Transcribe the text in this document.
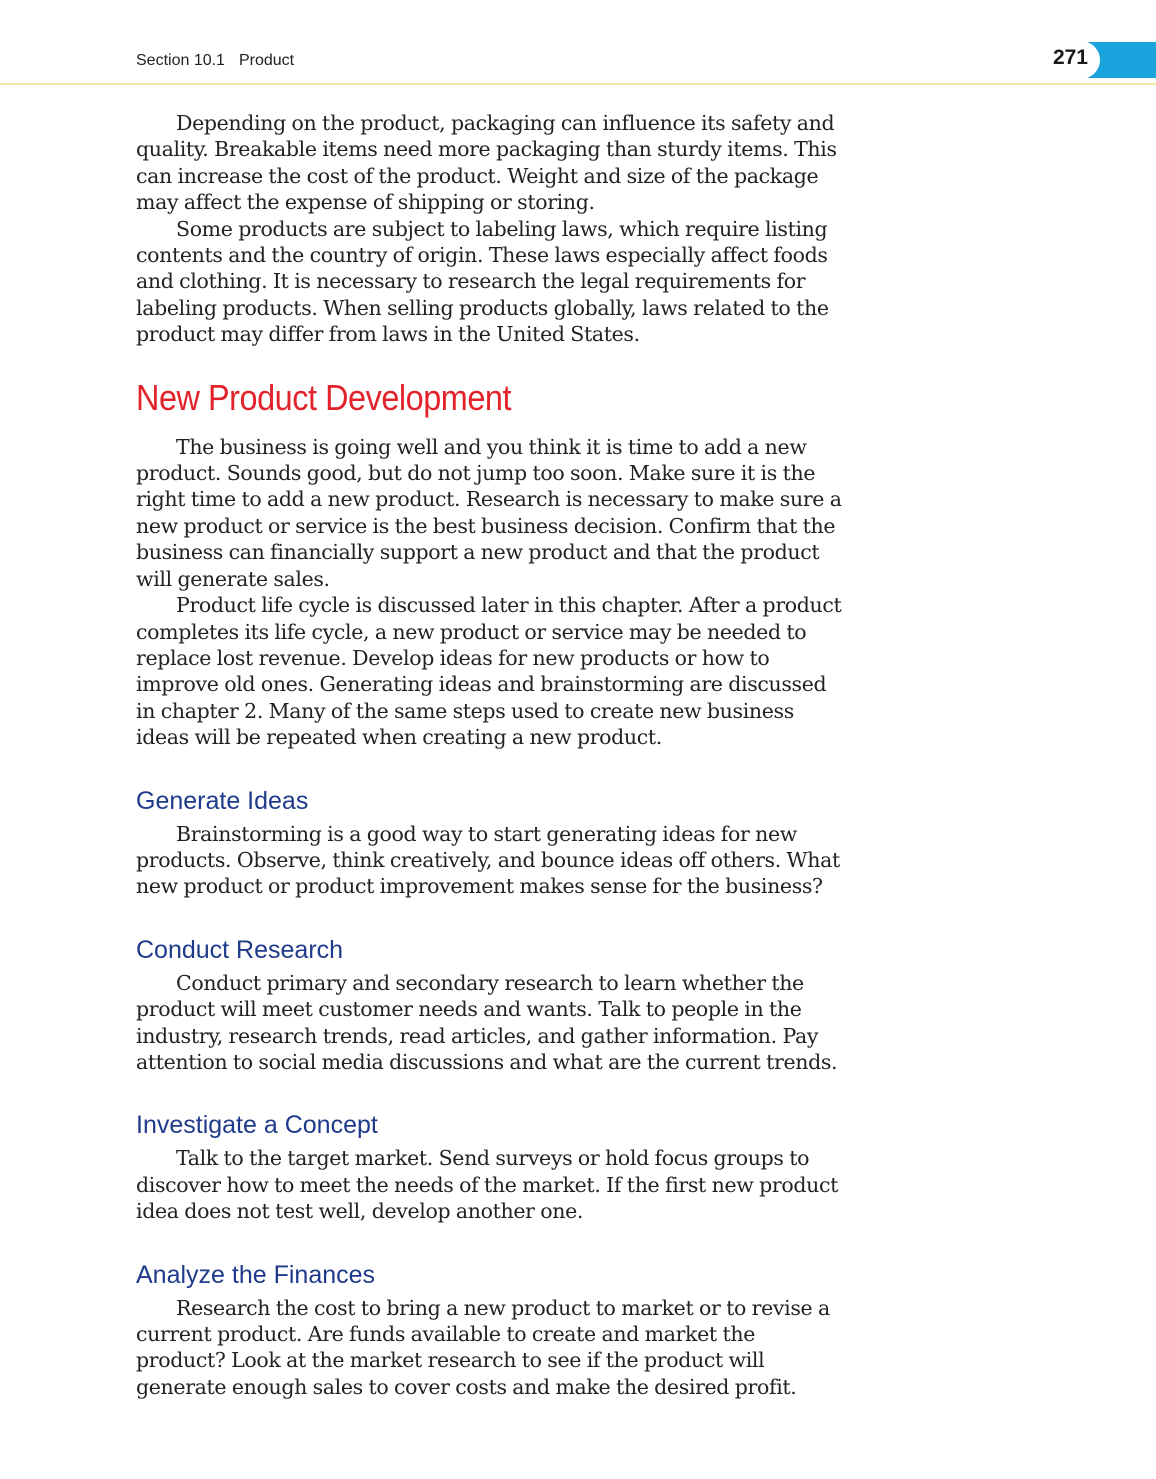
Section 10.1 Product	271

Depending on the product, packaging can influence its safety and quality. Breakable items need more packaging than sturdy items. This can increase the cost of the product. Weight and size of the package may affect the expense of shipping or storing.

Some products are subject to labeling laws, which require listing contents and the country of origin. These laws especially affect foods and clothing. It is necessary to research the legal requirements for labeling products. When selling products globally, laws related to the product may differ from laws in the United States.

New Product Development

The business is going well and you think it is time to add a new product. Sounds good, but do not jump too soon. Make sure it is the right time to add a new product. Research is necessary to make sure a new product or service is the best business decision. Confirm that the business can financially support a new product and that the product will generate sales.

Product life cycle is discussed later in this chapter. After a product completes its life cycle, a new product or service may be needed to replace lost revenue. Develop ideas for new products or how to improve old ones. Generating ideas and brainstorming are discussed in chapter 2. Many of the same steps used to create new business ideas will be repeated when creating a new product.

Generate Ideas

Brainstorming is a good way to start generating ideas for new products. Observe, think creatively, and bounce ideas off others. What new product or product improvement makes sense for the business?

Conduct Research

Conduct primary and secondary research to learn whether the product will meet customer needs and wants. Talk to people in the industry, research trends, read articles, and gather information. Pay attention to social media discussions and what are the current trends.

Investigate a Concept

Talk to the target market. Send surveys or hold focus groups to discover how to meet the needs of the market. If the first new product idea does not test well, develop another one.

Analyze the Finances

Research the cost to bring a new product to market or to revise a current product. Are funds available to create and market the product? Look at the market research to see if the product will generate enough sales to cover costs and make the desired profit.
